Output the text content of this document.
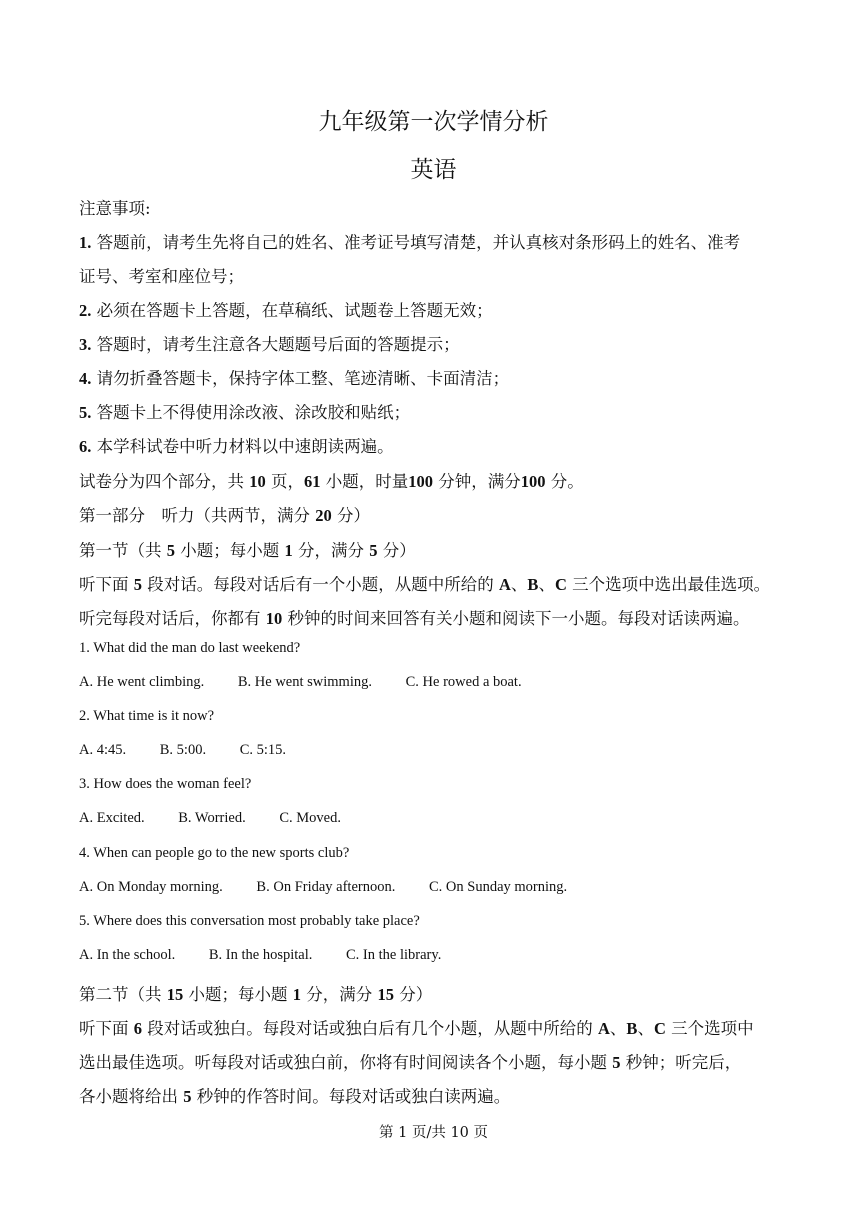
九年级第一次学情分析
英语
注意事项:
1. 答题前，请考生先将自己的姓名、准考证号填写清楚，并认真核对条形码上的姓名、准考
证号、考室和座位号；
2. 必须在答题卡上答题，在草稿纸、试题卷上答题无效；
3. 答题时，请考生注意各大题题号后面的答题提示；
4. 请勿折叠答题卡，保持字体工整、笔迹清晰、卡面清洁；
5. 答题卡上不得使用涂改液、涂改胶和贴纸；
6. 本学科试卷中听力材料以中速朗读两遍。
试卷分为四个部分，共 10 页，61 小题，时量100 分钟，满分100 分。
第一部分　听力（共两节，满分 20 分）
第一节（共 5 小题；每小题 1 分，满分 5 分）
听下面 5 段对话。每段对话后有一个小题，从题中所给的 A、B、C 三个选项中选出最佳选项。
听完每段对话后，你都有 10 秒钟的时间来回答有关小题和阅读下一小题。每段对话读两遍。
1. What did the man do last weekend?
A. He went climbing. B. He went swimming. C. He rowed a boat.
2. What time is it now?
A. 4:45. B. 5:00. C. 5:15.
3. How does the woman feel?
A. Excited. B. Worried. C. Moved.
4. When can people go to the new sports club?
A. On Monday morning. B. On Friday afternoon. C. On Sunday morning.
5. Where does this conversation most probably take place?
A. In the school. B. In the hospital. C. In the library.
第二节（共 15 小题；每小题 1 分，满分 15 分）
听下面 6 段对话或独白。每段对话或独白后有几个小题，从题中所给的 A、B、C 三个选项中
选出最佳选项。听每段对话或独白前，你将有时间阅读各个小题，每小题 5 秒钟；听完后，
各小题将给出 5 秒钟的作答时间。每段对话或独白读两遍。
第 1 页/共 10 页
